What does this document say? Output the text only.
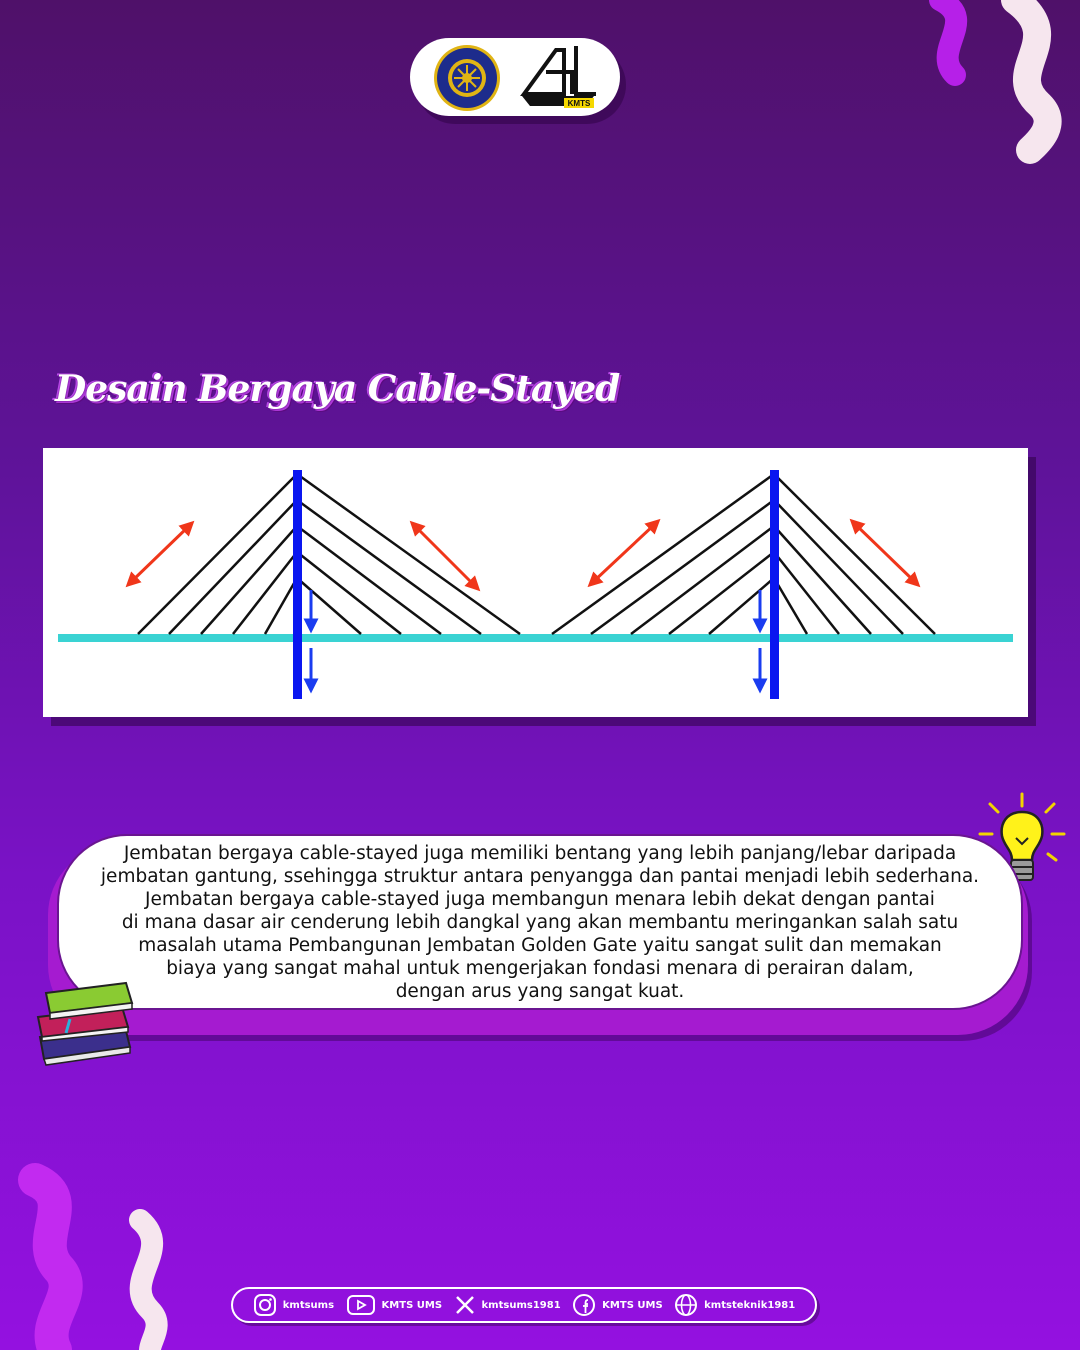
KMTS
Desain Bergaya Cable-Stayed
Jembatan bergaya cable-stayed juga memiliki bentang yang lebih panjang/lebar daripada
jembatan gantung, ssehingga struktur antara penyangga dan pantai menjadi lebih sederhana.
Jembatan bergaya cable-stayed juga membangun menara lebih dekat dengan pantai
di mana dasar air cenderung lebih dangkal yang akan membantu meringankan salah satu
masalah utama Pembangunan Jembatan Golden Gate yaitu sangat sulit dan memakan
biaya yang sangat mahal untuk mengerjakan fondasi menara di perairan dalam,
dengan arus yang sangat kuat.
kmtsums	KMTS UMS	kmtsums1981	KMTS UMS	kmtsteknik1981
